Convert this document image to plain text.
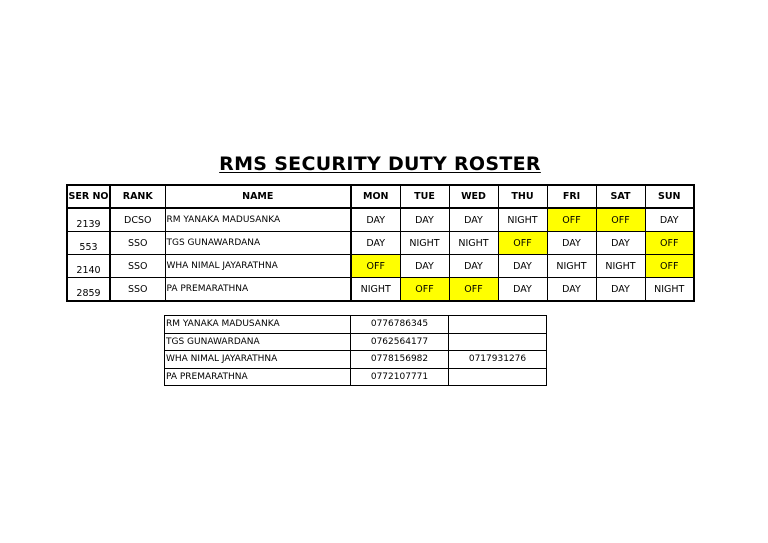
RMS SECURITY DUTY ROSTER
SER NO	RANK	NAME	MON	TUE	WED	THU	FRI	SAT	SUN
2139	DCSO	RM YANAKA MADUSANKA	DAY	DAY	DAY	NIGHT	OFF	OFF	DAY
553	SSO	TGS GUNAWARDANA	DAY	NIGHT	NIGHT	OFF	DAY	DAY	OFF
2140	SSO	WHA NIMAL JAYARATHNA	OFF	DAY	DAY	DAY	NIGHT	NIGHT	OFF
2859	SSO	PA PREMARATHNA	NIGHT	OFF	OFF	DAY	DAY	DAY	NIGHT
RM YANAKA MADUSANKA	0776786345	
TGS GUNAWARDANA	0762564177	
WHA NIMAL JAYARATHNA	0778156982	0717931276
PA PREMARATHNA	0772107771	
